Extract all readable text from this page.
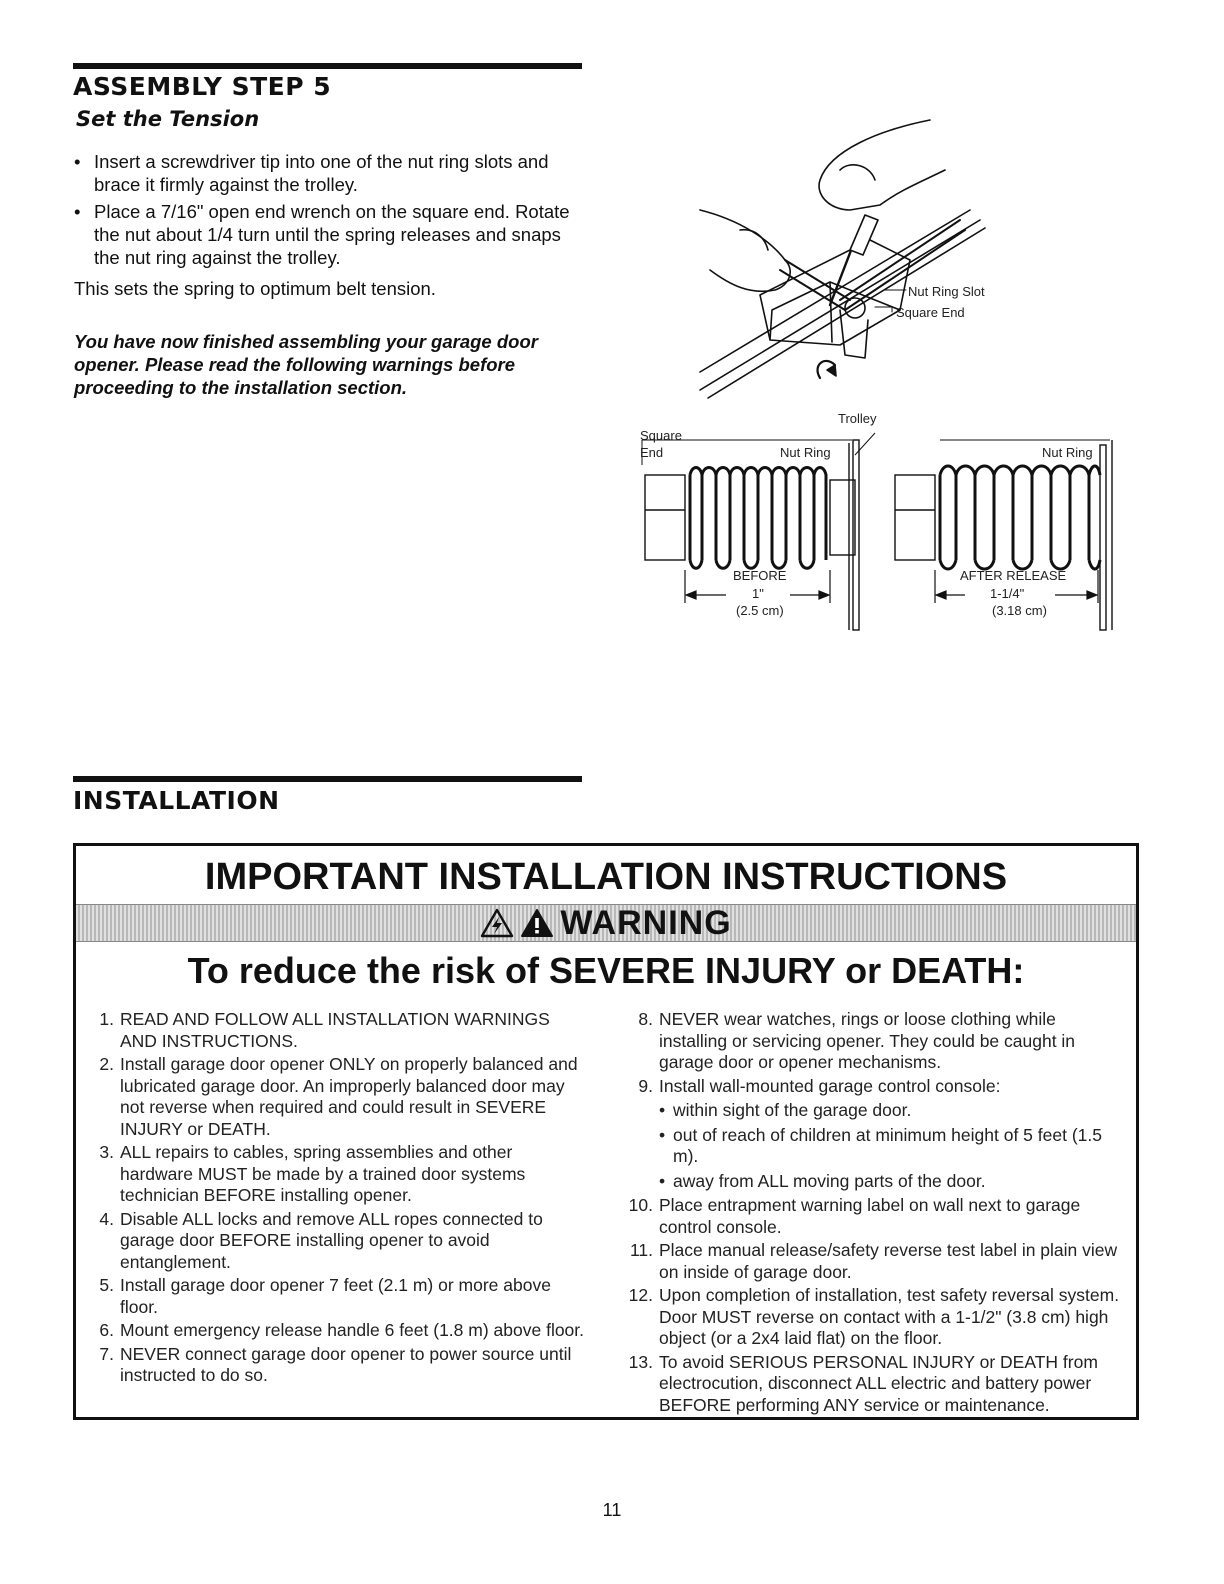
ASSEMBLY STEP 5
Set the Tension
• Insert a screwdriver tip into one of the nut ring slots and brace it firmly against the trolley.
• Place a 7/16" open end wrench on the square end. Rotate the nut about 1/4 turn until the spring releases and snaps the nut ring against the trolley.

This sets the spring to optimum belt tension.

You have now finished assembling your garage door opener. Please read the following warnings before proceeding to the installation section.

Nut Ring Slot
Square End
Trolley
Square
End	Nut Ring	Nut Ring
BEFORE
1"
(2.5 cm)
AFTER RELEASE
1-1/4"
(3.18 cm)
INSTALLATION
IMPORTANT INSTALLATION INSTRUCTIONS
WARNING
To reduce the risk of SEVERE INJURY or DEATH:
1. READ AND FOLLOW ALL INSTALLATION WARNINGS AND INSTRUCTIONS.
2. Install garage door opener ONLY on properly balanced and lubricated garage door. An improperly balanced door may not reverse when required and could result in SEVERE INJURY or DEATH.
3. ALL repairs to cables, spring assemblies and other hardware MUST be made by a trained door systems technician BEFORE installing opener.
4. Disable ALL locks and remove ALL ropes connected to garage door BEFORE installing opener to avoid entanglement.
5. Install garage door opener 7 feet (2.1 m) or more above floor.
6. Mount emergency release handle 6 feet (1.8 m) above floor.
7. NEVER connect garage door opener to power source until instructed to do so.
8. NEVER wear watches, rings or loose clothing while installing or servicing opener. They could be caught in garage door or opener mechanisms.
9. Install wall-mounted garage control console:
• within sight of the garage door.
• out of reach of children at minimum height of 5 feet (1.5 m).
• away from ALL moving parts of the door.
10. Place entrapment warning label on wall next to garage control console.
11. Place manual release/safety reverse test label in plain view on inside of garage door.
12. Upon completion of installation, test safety reversal system. Door MUST reverse on contact with a 1-1/2" (3.8 cm) high object (or a 2x4 laid flat) on the floor.
13. To avoid SERIOUS PERSONAL INJURY or DEATH from electrocution, disconnect ALL electric and battery power BEFORE performing ANY service or maintenance.
11
